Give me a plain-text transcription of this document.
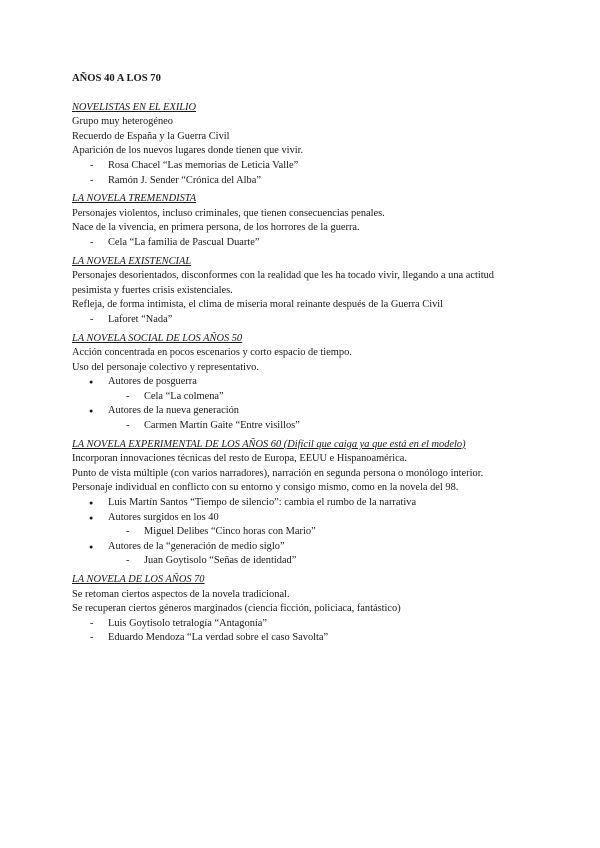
AÑOS 40 A LOS 70
NOVELISTAS EN EL EXILIO
Grupo muy heterogéneo
Recuerdo de España y la Guerra Civil
Aparición de los nuevos lugares donde tienen que vivir.
- Rosa Chacel “Las memorias de Leticia Valle”
- Ramón J. Sender “Crónica del Alba”
LA NOVELA TREMENDISTA
Personajes violentos, incluso criminales, que tienen consecuencias penales.
Nace de la vivencia, en primera persona, de los horrores de la guerra.
- Cela “La familia de Pascual Duarte”
LA NOVELA EXISTENCIAL
Personajes desorientados, disconformes con la realidad que les ha tocado vivir, llegando a una actitud pesimista y fuertes crisis existenciales.
Refleja, de forma intimista, el clima de miseria moral reinante después de la Guerra Civil
- Laforet “Nada”
LA NOVELA SOCIAL DE LOS AÑOS 50
Acción concentrada en pocos escenarios y corto espacio de tiempo.
Uso del personaje colectivo y representativo.
● Autores de posguerra
- Cela “La colmena”
● Autores de la nueva generación
- Carmen Martín Gaite “Entre visillos”
LA NOVELA EXPERIMENTAL DE LOS AÑOS 60 (Difícil que caiga ya que está en el modelo)
Incorporan innovaciones técnicas del resto de Europa, EEUU e Hispanoamérica.
Punto de vista múltiple (con varios narradores), narración en segunda persona o monólogo interior.
Personaje individual en conflicto con su entorno y consigo mismo, como en la novela del 98.
● Luis Martín Santos “Tiempo de silencio”: cambia el rumbo de la narrativa
● Autores surgidos en los 40
- Miguel Delibes “Cinco horas con Mario”
● Autores de la “generación de medio siglo”
- Juan Goytisolo “Señas de identidad”
LA NOVELA DE LOS AÑOS 70
Se retoman ciertos aspectos de la novela tradicional.
Se recuperan ciertos géneros marginados (ciencia ficción, policiaca, fantástico)
- Luis Goytisolo tetralogía “Antagonía”
- Eduardo Mendoza “La verdad sobre el caso Savolta”
